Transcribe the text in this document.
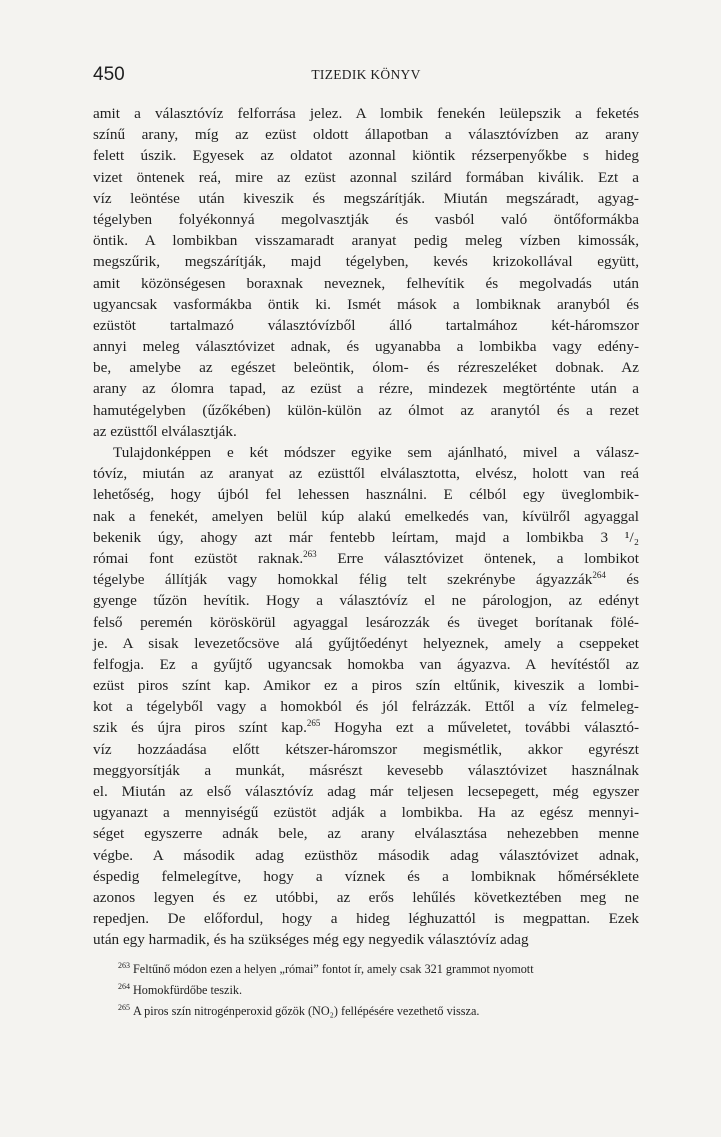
450	TIZEDIK KÖNYV
amit a választóvíz felforrása jelez. A lombik fenekén leülepszik a feketés
színű arany, míg az ezüst oldott állapotban a választóvízben az arany
felett úszik. Egyesek az oldatot azonnal kiöntik rézserpenyőkbe s hideg
vizet öntenek reá, mire az ezüst azonnal szilárd formában kiválik. Ezt a
víz leöntése után kiveszik és megszárítják. Miután megszáradt, agyag-
tégelyben folyékonnyá megolvasztják és vasból való öntőformákba
öntik. A lombikban visszamaradt aranyat pedig meleg vízben kimossák,
megszűrik, megszárítják, majd tégelyben, kevés krizokollával együtt,
amit közönségesen boraxnak neveznek, felhevítik és megolvadás után
ugyancsak vasformákba öntik ki. Ismét mások a lombiknak aranyból és
ezüstöt tartalmazó választóvízből álló tartalmához két-háromszor
annyi meleg választóvizet adnak, és ugyanabba a lombikba vagy edény-
be, amelybe az egészet beleöntik, ólom- és rézreszeléket dobnak. Az
arany az ólomra tapad, az ezüst a rézre, mindezek megtörténte után a
hamutégelyben (űzőkében) külön-külön az ólmot az aranytól és a rezet
az ezüsttől elválasztják.
Tulajdonképpen e két módszer egyike sem ajánlható, mivel a válasz-
tóvíz, miután az aranyat az ezüsttől elválasztotta, elvész, holott van reá
lehetőség, hogy újból fel lehessen használni. E célból egy üveglombik-
nak a fenekét, amelyen belül kúp alakú emelkedés van, kívülről agyaggal
bekenik úgy, ahogy azt már fentebb leírtam, majd a lombikba 3 ¹/₂
római font ezüstöt raknak.$^{263}$ Erre választóvizet öntenek, a lombikot
tégelybe állítják vagy homokkal félig telt szekrénybe ágyazzák$^{264}$ és
gyenge tűzön hevítik. Hogy a választóvíz el ne párologjon, az edényt
felső peremén köröskörül agyaggal lesározzák és üveget borítanak fölé-
je. A sisak levezetőcsöve alá gyűjtőedényt helyeznek, amely a cseppeket
felfogja. Ez a gyűjtő ugyancsak homokba van ágyazva. A hevítéstől az
ezüst piros színt kap. Amikor ez a piros szín eltűnik, kiveszik a lombi-
kot a tégelyből vagy a homokból és jól felrázzák. Ettől a víz felmeleg-
szik és újra piros színt kap.$^{265}$ Hogyha ezt a műveletet, további választó-
víz hozzáadása előtt kétszer-háromszor megismétlik, akkor egyrészt
meggyorsítják a munkát, másrészt kevesebb választóvizet használnak
el. Miután az első választóvíz adag már teljesen lecsepegett, még egyszer
ugyanazt a mennyiségű ezüstöt adják a lombikba. Ha az egész mennyi-
séget egyszerre adnák bele, az arany elválasztása nehezebben menne
végbe. A második adag ezüsthöz második adag választóvizet adnak,
éspedig felmelegítve, hogy a víznek és a lombiknak hőmérséklete
azonos legyen és ez utóbbi, az erős lehűlés következtében meg ne
repedjen. De előfordul, hogy a hideg léghuzattól is megpattan. Ezek
után egy harmadik, és ha szükséges még egy negyedik választóvíz adag
$^{263}$ Feltűnő módon ezen a helyen „római” fontot ír, amely csak 321 grammot nyomott
$^{264}$ Homokfürdőbe teszik.
$^{265}$ A piros szín nitrogénperoxid gőzök (NO₂) fellépésére vezethető vissza.
